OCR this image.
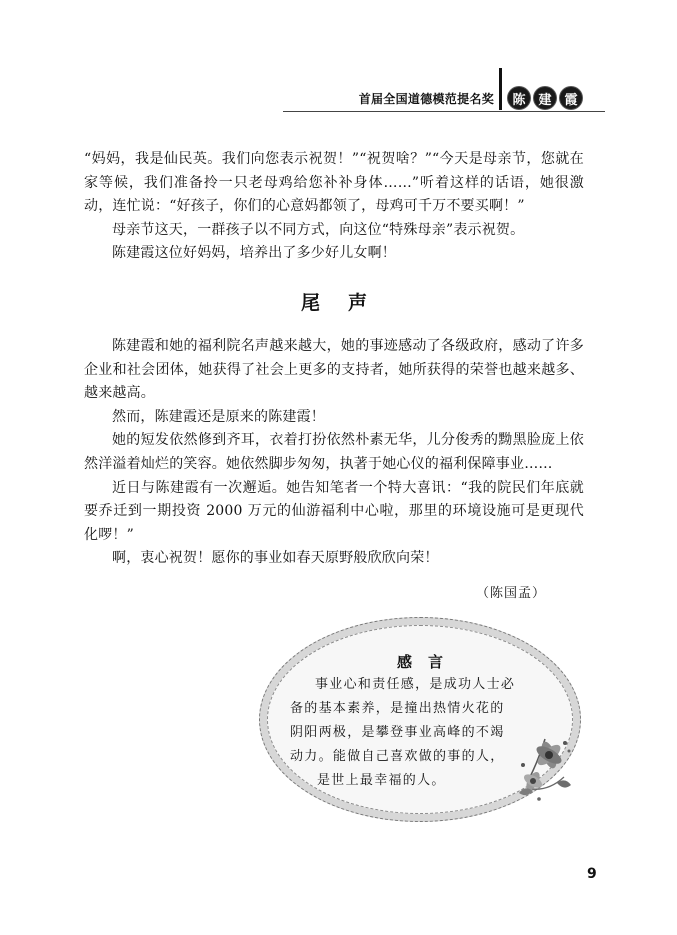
首届全国道德模范提名奖	陈 建 霞

“妈妈，我是仙民英。我们向您表示祝贺！”“祝贺啥？”“今天是母亲节，您就在家等候，我们准备拎一只老母鸡给您补补身体……”听着这样的话语，她很激动，连忙说：“好孩子，你们的心意妈都领了，母鸡可千万不要买啊！”

母亲节这天，一群孩子以不同方式，向这位“特殊母亲”表示祝贺。

陈建霞这位好妈妈，培养出了多少好儿女啊！

尾声

陈建霞和她的福利院名声越来越大，她的事迹感动了各级政府，感动了许多企业和社会团体，她获得了社会上更多的支持者，她所获得的荣誉也越来越多、越来越高。

然而，陈建霞还是原来的陈建霞！

她的短发依然修到齐耳，衣着打扮依然朴素无华，儿分俊秀的黝黑脸庞上依然洋溢着灿烂的笑容。她依然脚步匆匆，执著于她心仪的福利保障事业……

近日与陈建霞有一次邂逅。她告知笔者一个特大喜讯：“我的院民们年底就要乔迁到一期投资 2000 万元的仙游福利中心啦，那里的环境设施可是更现代化啰！”

啊，衷心祝贺！愿你的事业如春天原野般欣欣向荣！

（陈国孟）
感言
事业心和责任感，是成功人士必
备的基本素养，是撞出热情火花的
阴阳两极，是攀登事业高峰的不竭
动力。能做自己喜欢做的事的人，
是世上最幸福的人。
9
